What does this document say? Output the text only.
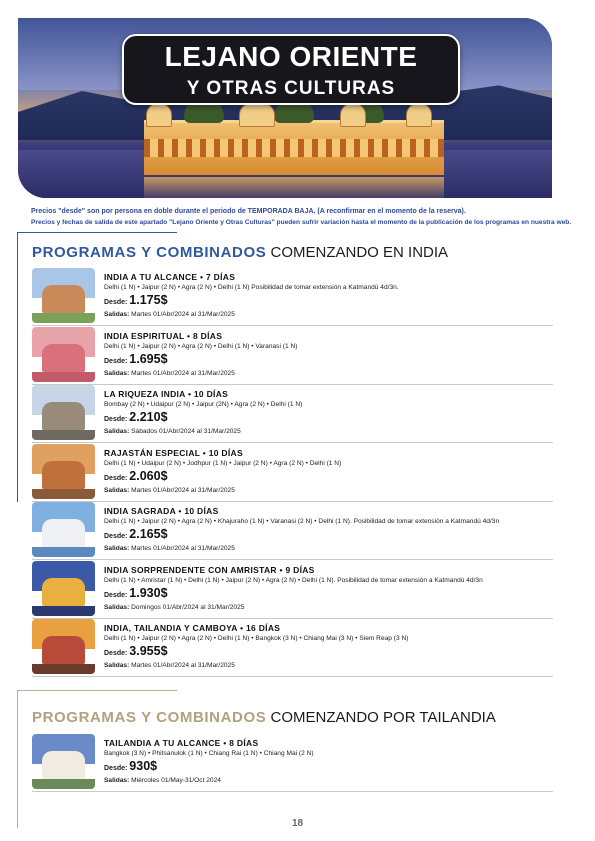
LEJANO ORIENTE
Y OTRAS CULTURAS
Precios "desde" son por persona en doble durante el periodo de TEMPORADA BAJA. (A reconfirmar en el momento de la reserva).
Precios y fechas de salida de este apartado "Lejano Oriente y Otras Culturas" pueden sufrir variación hasta el momento de la publicación de los programas en nuestra web.
PROGRAMAS Y COMBINADOS COMENZANDO EN INDIA
INDIA A TU ALCANCE • 7 DÍAS
Delhi (1 N) • Jaipur (2 N) • Agra (2 N) • Delhi (1 N) Posibilidad de tomar extensión a Katmandú 4d/3n.
Desde: 1.175$
Salidas: Martes 01/Abr/2024 al 31/Mar/2025
INDIA ESPIRITUAL • 8 DÍAS
Delhi (1 N) • Jaipur (2 N) • Agra (2 N) • Delhi (1 N) • Varanasi (1 N)
Desde: 1.695$
Salidas: Martes 01/Abr/2024 al 31/Mar/2025
LA RIQUEZA INDIA • 10 DÍAS
Bombay (2 N) • Udaipur (2 N) • Jaipur (2N) • Agra (2 N) • Delhi (1 N)
Desde: 2.210$
Salidas: Sábados 01/Abr/2024 al 31/Mar/2025
RAJASTÁN ESPECIAL • 10 DÍAS
Delhi (1 N) • Udaipur (2 N) • Jodhpur (1 N) • Jaipur (2 N) • Agra (2 N) • Delhi (1 N)
Desde: 2.060$
Salidas: Martes 01/Abr/2024 al 31/Mar/2025
INDIA SAGRADA • 10 DÍAS
Delhi (1 N) • Jaipur (2 N) • Agra (2 N) • Khajuraho (1 N) • Varanasi (2 N) • Delhi (1 N). Posibilidad de tomar extensión a Katmandú 4d/3n
Desde: 2.165$
Salidas: Martes 01/Abr/2024 al 31/Mar/2025
INDIA SORPRENDENTE CON AMRISTAR • 9 DÍAS
Delhi (1 N) • Amristar (1 N) • Delhi (1 N) • Jaipur (2 N) • Agra (2 N) • Delhi (1 N). Posibilidad de tomar extensión a Katmandú 4d/3n
Desde: 1.930$
Salidas: Domingos 01/Abr/2024 al 31/Mar/2025
INDIA, TAILANDIA Y CAMBOYA • 16 DÍAS
Delhi (1 N) • Jaipur (2 N) • Agra (2 N) • Delhi (1 N) • Bangkok (3 N) • Chiang Mai (3 N) • Siem Reap (3 N)
Desde: 3.955$
Salidas: Martes 01/Abr/2024 al 31/Mar/2025
PROGRAMAS Y COMBINADOS COMENZANDO POR TAILANDIA
TAILANDIA A TU ALCANCE • 8 DÍAS
Bangkok (3 N) • Phitsanulok (1 N) • Chiang Rai (1 N) • Chiang Mai (2 N)
Desde: 930$
Salidas: Miércoles 01/May-31/Oct 2024
18
